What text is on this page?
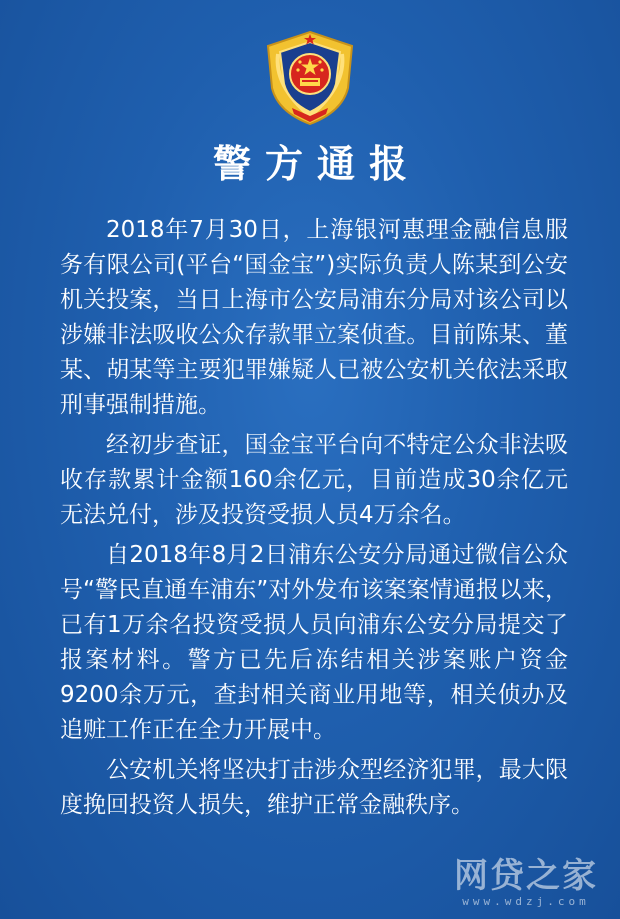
警方通报

2018年7月30日，上海银河惠理金融信息服务有限公司(平台“国金宝”)实际负责人陈某到公安机关投案，当日上海市公安局浦东分局对该公司以涉嫌非法吸收公众存款罪立案侦查。目前陈某、董某、胡某等主要犯罪嫌疑人已被公安机关依法采取刑事强制措施。

经初步查证，国金宝平台向不特定公众非法吸收存款累计金额160余亿元，目前造成30余亿元无法兑付，涉及投资受损人员4万余名。

自2018年8月2日浦东公安分局通过微信公众号“警民直通车浦东”对外发布该案案情通报以来，已有1万余名投资受损人员向浦东公安分局提交了报案材料。警方已先后冻结相关涉案账户资金9200余万元，查封相关商业用地等，相关侦办及追赃工作正在全力开展中。

公安机关将坚决打击涉众型经济犯罪，最大限度挽回投资人损失，维护正常金融秩序。

网贷之家
www.wdzj.com
